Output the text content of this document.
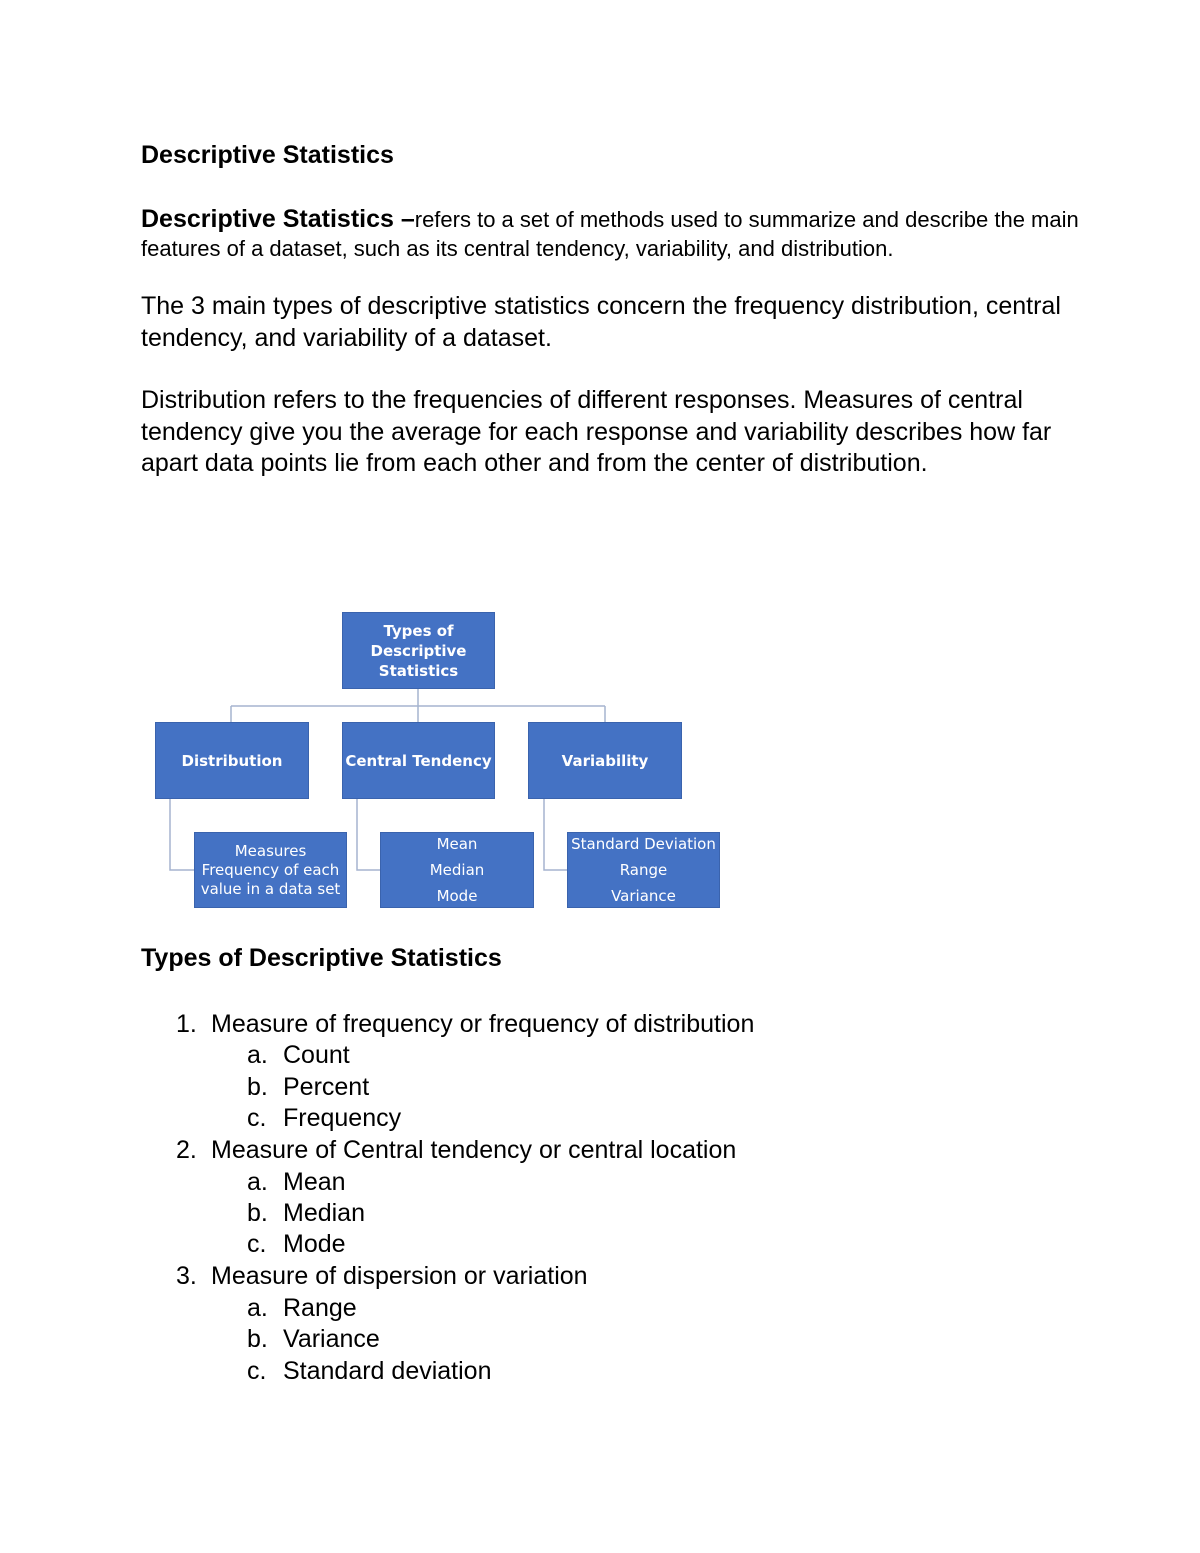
Descriptive Statistics
Descriptive Statistics –refers to a set of methods used to summarize and describe the main features of a dataset, such as its central tendency, variability, and distribution.
The 3 main types of descriptive statistics concern the frequency distribution, central tendency, and variability of a dataset.
Distribution refers to the frequencies of different responses. Measures of central tendency give you the average for each response and variability describes how far apart data points lie from each other and from the center of distribution.
Types of Descriptive Statistics
Distribution	Central Tendency	Variability
Measures Frequency of each value in a data set
Mean
Median
Mode
Standard Deviation
Range
Variance
Types of Descriptive Statistics
1. Measure of frequency or frequency of distribution
a. Count
b. Percent
c. Frequency
2. Measure of Central tendency or central location
a. Mean
b. Median
c. Mode
3. Measure of dispersion or variation
a. Range
b. Variance
c. Standard deviation
